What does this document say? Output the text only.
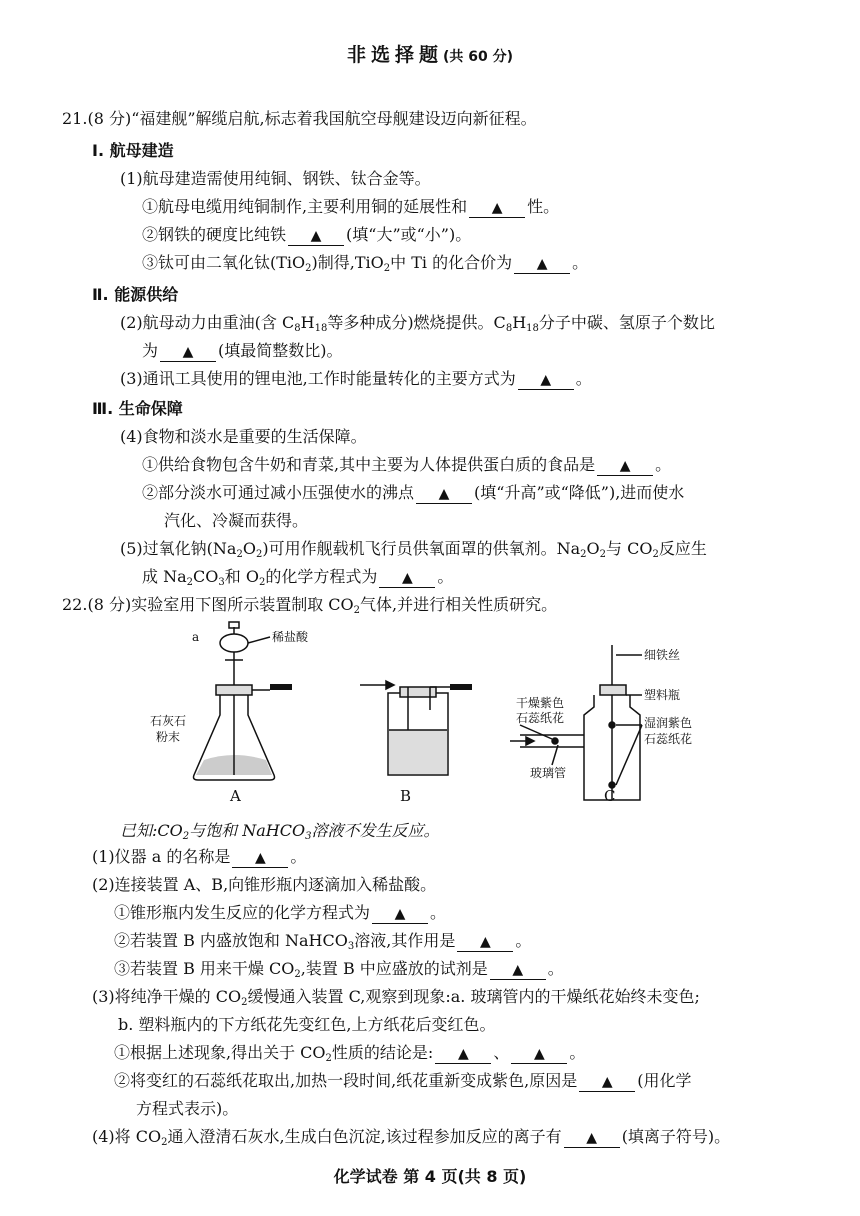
非选择题(共 60 分)
21.(8 分)“福建舰”解缆启航,标志着我国航空母舰建设迈向新征程。
Ⅰ. 航母建造
(1)航母建造需使用纯铜、钢铁、钛合金等。
①航母电缆用纯铜制作,主要利用铜的延展性和 ▲	性。
②钢铁的硬度比纯铁 ▲	(填“大”或“小”)。
③钛可由二氧化钛(TiO$_2$)制得,TiO$_2$中 Ti 的化合价为 ▲	。
Ⅱ. 能源供给
(2)航母动力由重油(含 $C_8H_{18}$等多种成分)燃烧提供。$C_8H_{18}$分子中碳、氢原子个数比
为 ▲	(填最简整数比)。
(3)通讯工具使用的锂电池,工作时能量转化的主要方式为 ▲	。
Ⅲ. 生命保障
(4)食物和淡水是重要的生活保障。
①供给食物包含牛奶和青菜,其中主要为人体提供蛋白质的食品是 ▲	。
②部分淡水可通过减小压强使水的沸点 ▲	(填“升高”或“降低”),进而使水
汽化、冷凝而获得。
(5)过氧化钠$(Na_2O_2)$可用作舰载机飞行员供氧面罩的供氧剂。$Na_2O_2$与 $CO_2$反应生
成 $Na_2CO_3$和 $O_2$的化学方程式为 ▲	。
22.(8 分)实验室用下图所示装置制取 $CO_2$气体,并进行相关性质研究。
a	稀盐酸
石灰石
粉末
细铁丝
干燥紫色
石蕊纸花
塑料瓶
湿润紫色
石蕊纸花
玻璃管
A	B	C
已知$:CO_2$与饱和 NaHCO$_3$溶液不发生反应。
(1)仪器 a 的名称是 ▲	。
(2)连接装置 A、B,向锥形瓶内逐滴加入稀盐酸。
①锥形瓶内发生反应的化学方程式为 ▲	。
②若装置 B 内盛放饱和 NaHCO$_3$溶液,其作用是 ▲	。
③若装置 B 用来干燥 $CO_2$,装置 B 中应盛放的试剂是 ▲	。
(3)将纯净干燥的 $CO_2$缓慢通入装置 C,观察到现象:a. 玻璃管内的干燥纸花始终未变色;
b. 塑料瓶内的下方纸花先变红色,上方纸花后变红色。
①根据上述现象,得出关于 $CO_2$性质的结论是: ▲	、 ▲	。
②将变红的石蕊纸花取出,加热一段时间,纸花重新变成紫色,原因是 ▲	(用化学
方程式表示)。
(4)将 $CO_2$通入澄清石灰水,生成白色沉淀,该过程参加反应的离子有 ▲	(填离子符号)。
化学试卷 第 4 页(共 8 页)
